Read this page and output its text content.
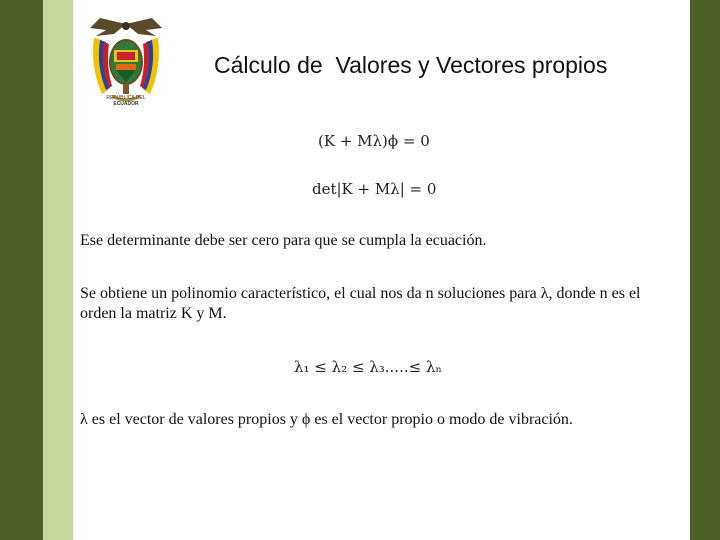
REPÚBLICA DEL
ECUADOR
Cálculo de  Valores y Vectores propios
(K + Mλ)ϕ = 0
det|K + Mλ| = 0

Ese determinante debe ser cero para que se cumpla la ecuación.

Se obtiene un polinomio característico, el cual nos da n soluciones para λ, donde n es el orden la matriz K y M.

λ₁ ≤ λ₂ ≤ λ₃.....≤ λₙ

λ es el vector de valores propios y ϕ es el vector propio o modo de vibración.
